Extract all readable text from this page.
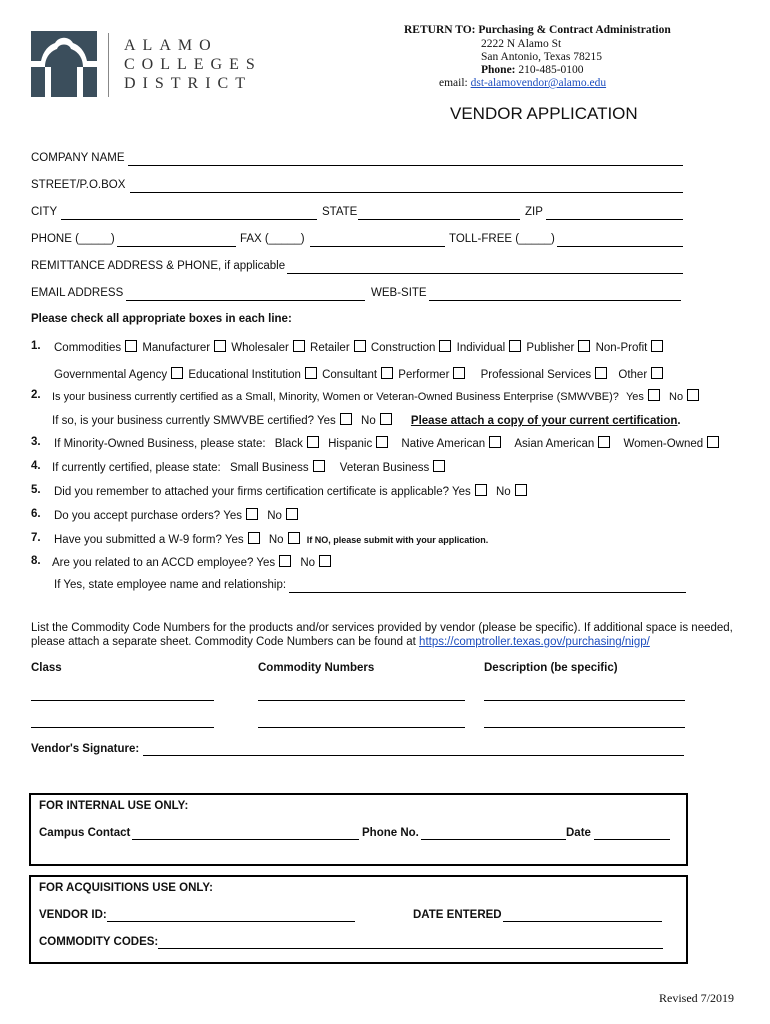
ALAMO
COLLEGES
DISTRICT
RETURN TO: Purchasing & Contract Administration
2222 N Alamo St
San Antonio, Texas 78215
Phone: 210-485-0100
email: dst-alamovendor@alamo.edu
VENDOR APPLICATION
COMPANY NAME
STREET/P.O.BOX
CITY	STATE	ZIP
PHONE (_____)	FAX (_____)	TOLL-FREE (_____)
REMITTANCE ADDRESS & PHONE, if applicable
EMAIL ADDRESS	WEB-SITE
Please check all appropriate boxes in each line:
1. Commodities Manufacturer Wholesaler Retailer Construction Individual Publisher Non-Profit
Governmental Agency Educational Institution Consultant Performer	Professional Services Other
2. Is your business currently certified as a Small, Minority, Women or Veteran-Owned Business Enterprise (SMWVBE)? Yes No
If so, is your business currently SMWVBE certified? Yes No	Please attach a copy of your current certification.
3. If Minority-Owned Business, please state: Black Hispanic	Native American	Asian American	Women-Owned
4. If currently certified, please state: Small Business	Veteran Business
5. Did you remember to attached your firms certification certificate is applicable? Yes No
6. Do you accept purchase orders? Yes No
7. Have you submitted a W-9 form? Yes No	If NO, please submit with your application.
8. Are you related to an ACCD employee? Yes No
If Yes, state employee name and relationship:
List the Commodity Code Numbers for the products and/or services provided by vendor (please be specific). If additional space is needed,
please attach a separate sheet. Commodity Code Numbers can be found at https://comptroller.texas.gov/purchasing/nigp/
Class	Commodity Numbers	Description (be specific)
Vendor's Signature:
FOR INTERNAL USE ONLY:
Campus Contact	Phone No.	Date
FOR ACQUISITIONS USE ONLY:
VENDOR ID:	DATE ENTERED
COMMODITY CODES:
Revised 7/2019
